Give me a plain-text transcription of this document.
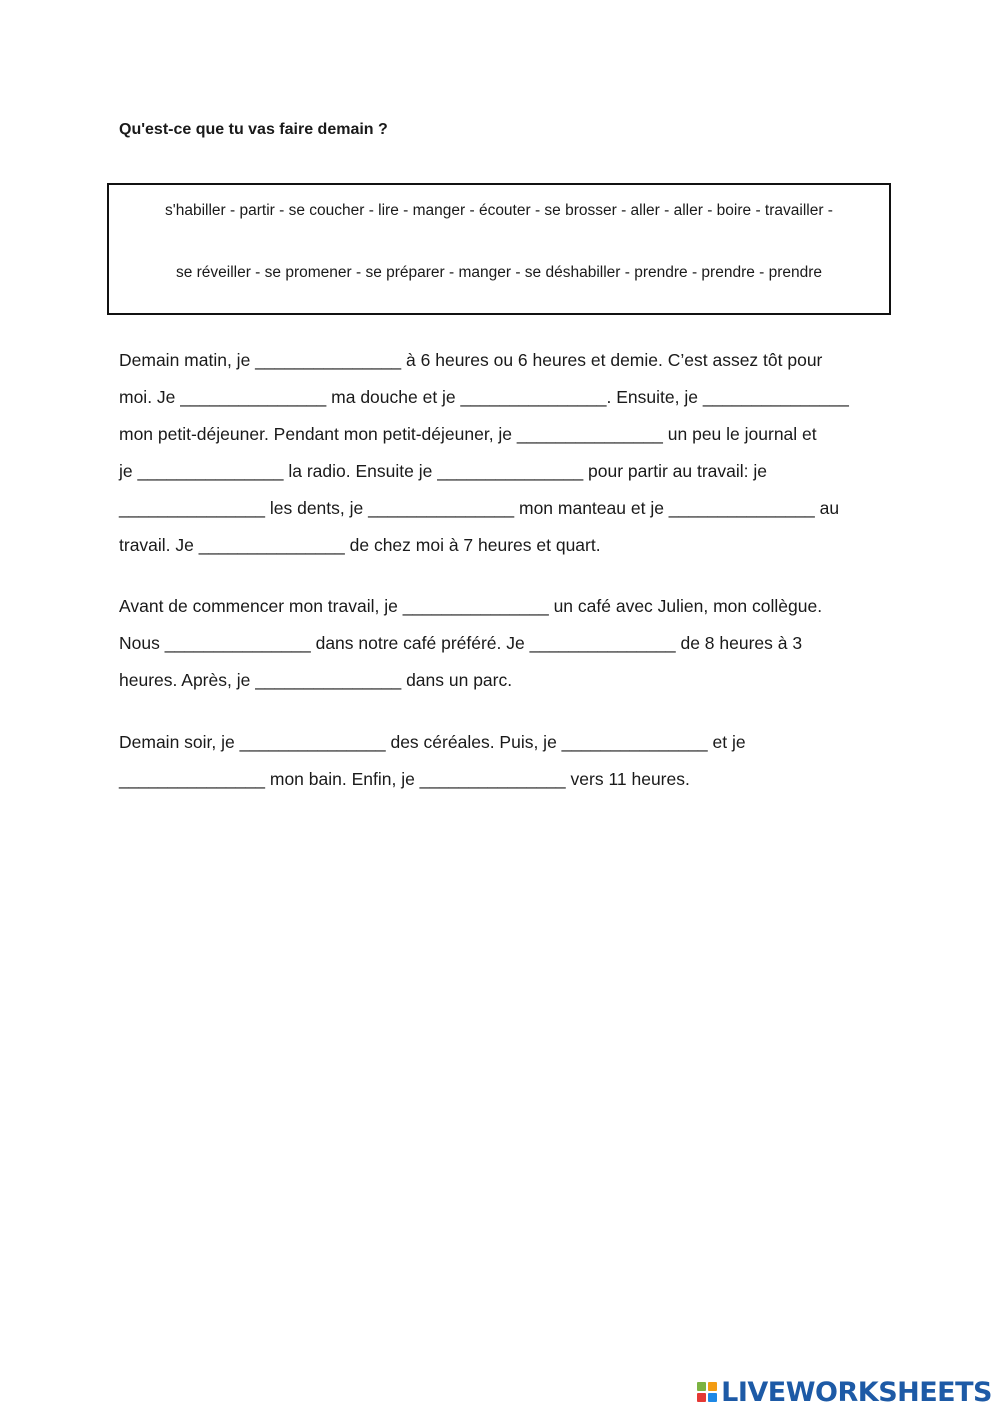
Qu'est-ce que tu vas faire demain ?
s'habiller - partir - se coucher - lire - manger - écouter - se brosser - aller - aller - boire - travailler -
se réveiller - se promener - se préparer - manger - se déshabiller - prendre - prendre - prendre
Demain matin, je _______________ à 6 heures ou 6 heures et demie. C’est assez tôt pour
moi. Je _______________ ma douche et je _______________. Ensuite, je _______________
mon petit-déjeuner. Pendant mon petit-déjeuner, je _______________ un peu le journal et
je _______________ la radio. Ensuite je _______________ pour partir au travail: je
_______________ les dents, je _______________ mon manteau et je _______________ au
travail. Je _______________ de chez moi à 7 heures et quart.
Avant de commencer mon travail, je _______________ un café avec Julien, mon collègue.
Nous _______________ dans notre café préféré. Je _______________ de 8 heures à 3
heures. Après, je _______________ dans un parc.
Demain soir, je _______________ des céréales. Puis, je _______________ et je
_______________ mon bain. Enfin, je _______________ vers 11 heures.
LIVEWORKSHEETS
